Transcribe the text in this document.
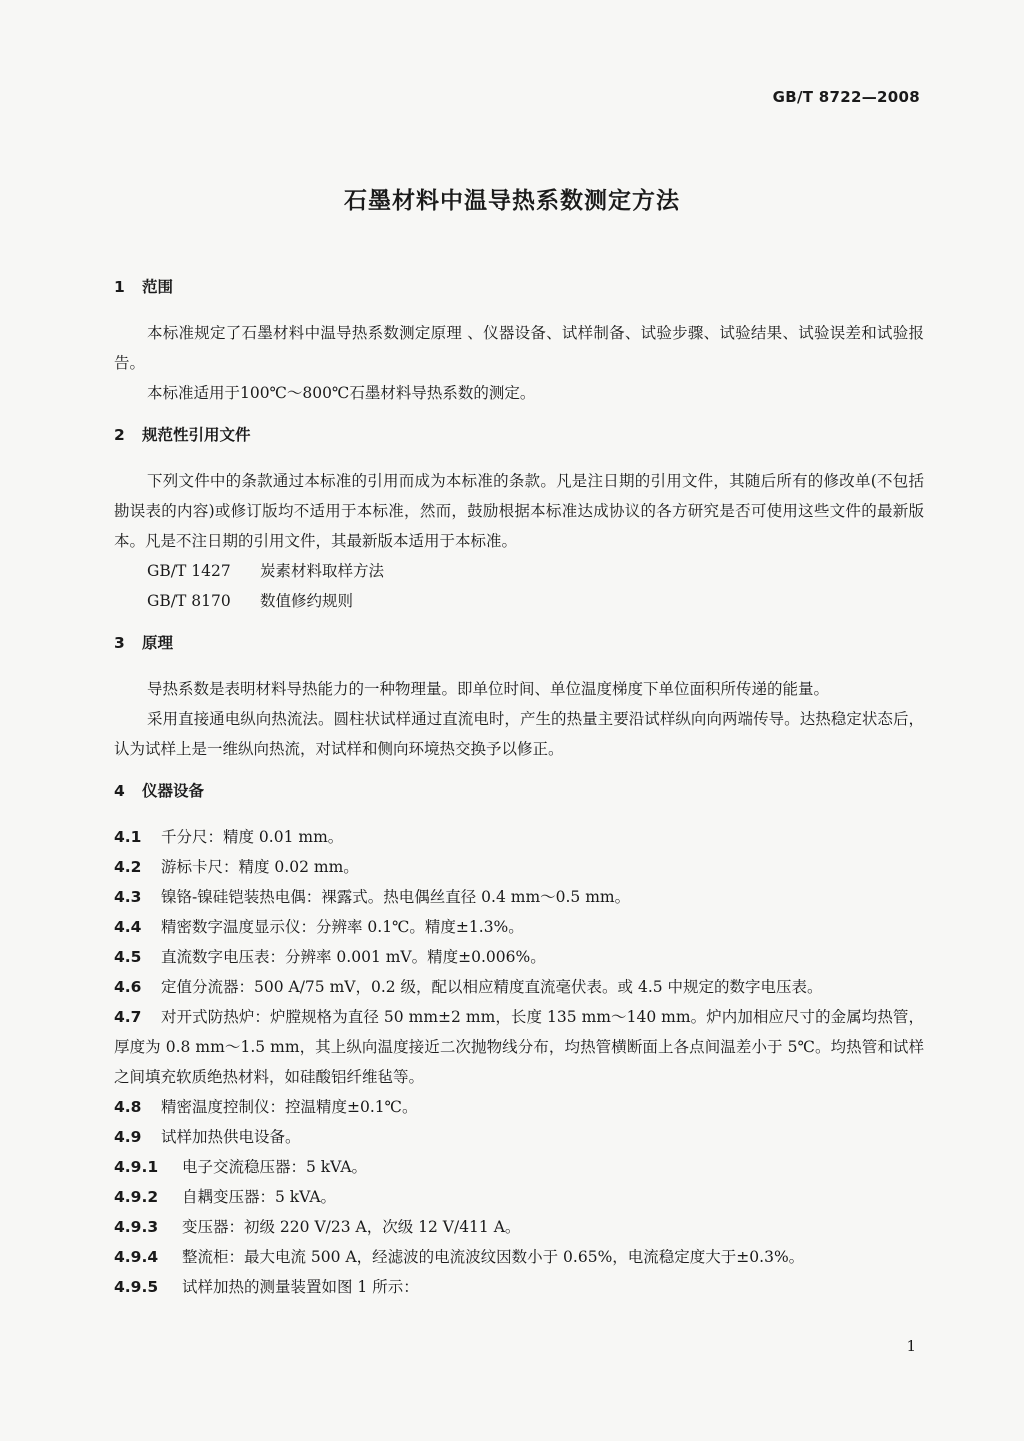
GB/T 8722—2008
石墨材料中温导热系数测定方法
1 范围

本标准规定了石墨材料中温导热系数测定原理 、仪器设备、试样制备、试验步骤、试验结果、试验误差和试验报告。

本标准适用于100℃～800℃石墨材料导热系数的测定。

2 规范性引用文件

下列文件中的条款通过本标准的引用而成为本标准的条款。凡是注日期的引用文件，其随后所有的修改单(不包括勘误表的内容)或修订版均不适用于本标准，然而，鼓励根据本标准达成协议的各方研究是否可使用这些文件的最新版本。凡是不注日期的引用文件，其最新版本适用于本标准。

GB/T 1427 炭素材料取样方法
GB/T 8170 数值修约规则
3 原理

导热系数是表明材料导热能力的一种物理量。即单位时间、单位温度梯度下单位面积所传递的能量。

采用直接通电纵向热流法。圆柱状试样通过直流电时，产生的热量主要沿试样纵向向两端传导。达热稳定状态后，认为试样上是一维纵向热流，对试样和侧向环境热交换予以修正。

4 仪器设备
4.1 千分尺：精度 0.01 mm。
4.2 游标卡尺：精度 0.02 mm。
4.3 镍铬-镍硅铠装热电偶：裸露式。热电偶丝直径 0.4 mm～0.5 mm。
4.4 精密数字温度显示仪：分辨率 0.1℃。精度±1.3%。
4.5 直流数字电压表：分辨率 0.001 mV。精度±0.006%。
4.6 定值分流器：500 A/75 mV，0.2 级，配以相应精度直流毫伏表。或 4.5 中规定的数字电压表。
4.7 对开式防热炉：炉膛规格为直径 50 mm±2 mm，长度 135 mm～140 mm。炉内加相应尺寸的金属均热管，厚度为 0.8 mm～1.5 mm，其上纵向温度接近二次抛物线分布，均热管横断面上各点间温差小于 5℃。均热管和试样之间填充软质绝热材料，如硅酸铝纤维毡等。
4.8 精密温度控制仪：控温精度±0.1℃。
4.9 试样加热供电设备。
4.9.1 电子交流稳压器：5 kVA。
4.9.2 自耦变压器：5 kVA。
4.9.3 变压器：初级 220 V/23 A，次级 12 V/411 A。
4.9.4 整流柜：最大电流 500 A，经滤波的电流波纹因数小于 0.65%，电流稳定度大于±0.3%。
4.9.5 试样加热的测量装置如图 1 所示：
1
